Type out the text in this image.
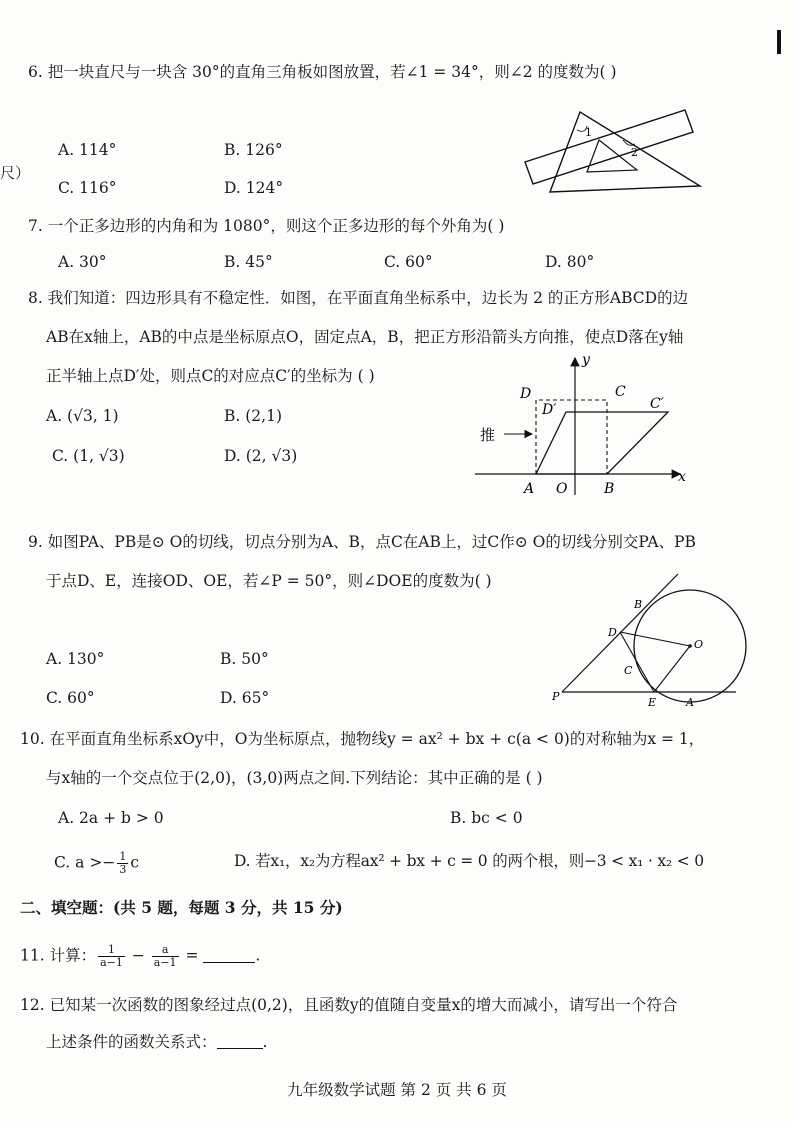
尺）
6. 把一块直尺与一块含 30°的直角三角板如图放置，若∠1 = 34°，则∠2 的度数为( )
A. 114°	B. 126°
C. 116°	D. 124°
1
2
7. 一个正多边形的内角和为 1080°，则这个正多边形的每个外角为( )
A. 30°	B. 45°	C. 60°	D. 80°
8. 我们知道：四边形具有不稳定性．如图，在平面直角坐标系中，边长为 2 的正方形ABCD的边
AB在x轴上，AB的中点是坐标原点O，固定点A，B，把正方形沿箭头方向推，使点D落在y轴
正半轴上点D′处，则点C的对应点C′的坐标为 ( )
A. (√3, 1)	B. (2,1)
C. (1, √3)	D. (2, √3)
y
x
D	C
D′	C′
推
A O	B
9. 如图PA、PB是⊙ O的切线，切点分别为A、B，点C在AB上，过C作⊙ O的切线分别交PA、PB
于点D、E，连接OD、OE，若∠P = 50°，则∠DOE的度数为( )
A. 130°	B. 50°
C. 60°	D. 65°
B
D
O
C
P	E	A
10. 在平面直角坐标系xOy中，O为坐标原点，抛物线y = ax² + bx + c(a < 0)的对称轴为x = 1，
与x轴的一个交点位于(2,0)，(3,0)两点之间.下列结论：其中正确的是 ( )
A. 2a + b > 0	B. bc < 0
C. $a >- \frac{1}{3}$ c	D. 若x₁，x₂为方程ax² + bx + c = 0 的两个根，则−3 < x₁ · x₂ < 0
二、填空题：(共 5 题，每题 3 分，共 15 分)
11. 计算： $\frac{1}{a-1} - \frac{a}{a-1}$ =	.
12. 已知某一次函数的图象经过点(0,2)，且函数y的值随自变量x的增大而减小，请写出一个符合
上述条件的函数关系式：	.
九年级数学试题 第 2 页 共 6 页
